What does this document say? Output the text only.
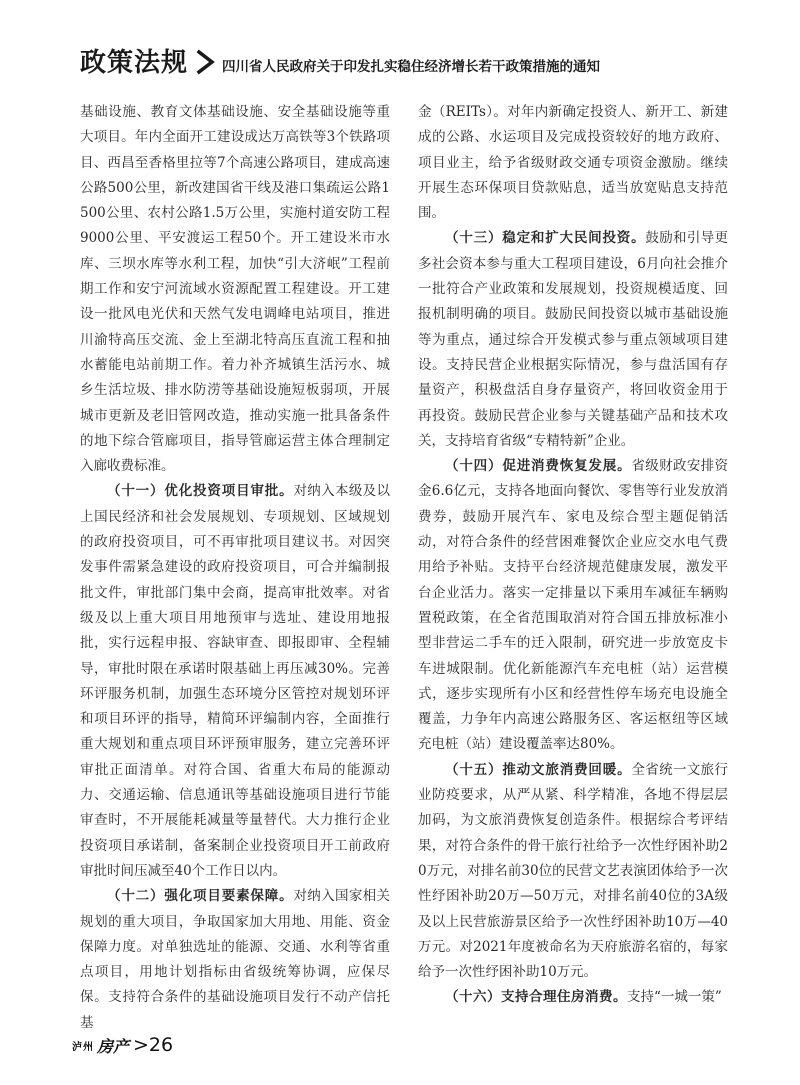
政策法规	四川省人民政府关于印发扎实稳住经济增长若干政策措施的通知

基础设施、教育文体基础设施、安全基础设施等重大项目。年内全面开工建设成达万高铁等3个铁路项目、西昌至香格里拉等7个高速公路项目，建成高速公路500公里，新改建国省干线及港口集疏运公路1500公里、农村公路1.5万公里，实施村道安防工程9000公里、平安渡运工程50个。开工建设米市水库、三坝水库等水利工程，加快“引大济岷”工程前期工作和安宁河流域水资源配置工程建设。开工建设一批风电光伏和天然气发电调峰电站项目，推进川渝特高压交流、金上至湖北特高压直流工程和抽水蓄能电站前期工作。着力补齐城镇生活污水、城乡生活垃圾、排水防涝等基础设施短板弱项，开展城市更新及老旧管网改造，推动实施一批具备条件的地下综合管廊项目，指导管廊运营主体合理制定入廊收费标准。

（十一）优化投资项目审批。对纳入本级及以上国民经济和社会发展规划、专项规划、区域规划的政府投资项目，可不再审批项目建议书。对因突发事件需紧急建设的政府投资项目，可合并编制报批文件，审批部门集中会商，提高审批效率。对省级及以上重大项目用地预审与选址、建设用地报批，实行远程申报、容缺审查、即报即审、全程辅导，审批时限在承诺时限基础上再压减30%。完善环评服务机制，加强生态环境分区管控对规划环评和项目环评的指导，精简环评编制内容，全面推行重大规划和重点项目环评预审服务，建立完善环评审批正面清单。对符合国、省重大布局的能源动力、交通运输、信息通讯等基础设施项目进行节能审查时，不开展能耗减量等量替代。大力推行企业投资项目承诺制，备案制企业投资项目开工前政府审批时间压减至40个工作日以内。

（十二）强化项目要素保障。对纳入国家相关规划的重大项目，争取国家加大用地、用能、资金保障力度。对单独选址的能源、交通、水利等省重点项目，用地计划指标由省级统筹协调，应保尽保。支持符合条件的基础设施项目发行不动产信托基

金（REITs）。对年内新确定投资人、新开工、新建成的公路、水运项目及完成投资较好的地方政府、项目业主，给予省级财政交通专项资金激励。继续开展生态环保项目贷款贴息，适当放宽贴息支持范围。

（十三）稳定和扩大民间投资。鼓励和引导更多社会资本参与重大工程项目建设，6月向社会推介一批符合产业政策和发展规划，投资规模适度、回报机制明确的项目。鼓励民间投资以城市基础设施等为重点，通过综合开发模式参与重点领域项目建设。支持民营企业根据实际情况，参与盘活国有存量资产，积极盘活自身存量资产，将回收资金用于再投资。鼓励民营企业参与关键基础产品和技术攻关，支持培育省级“专精特新”企业。

（十四）促进消费恢复发展。省级财政安排资金6.6亿元，支持各地面向餐饮、零售等行业发放消费券，鼓励开展汽车、家电及综合型主题促销活动，对符合条件的经营困难餐饮企业应交水电气费用给予补贴。支持平台经济规范健康发展，激发平台企业活力。落实一定排量以下乘用车减征车辆购置税政策，在全省范围取消对符合国五排放标准小型非营运二手车的迁入限制，研究进一步放宽皮卡车进城限制。优化新能源汽车充电桩（站）运营模式，逐步实现所有小区和经营性停车场充电设施全覆盖，力争年内高速公路服务区、客运枢纽等区域充电桩（站）建设覆盖率达80%。

（十五）推动文旅消费回暖。全省统一文旅行业防疫要求，从严从紧、科学精准，各地不得层层加码，为文旅消费恢复创造条件。根据综合考评结果，对符合条件的骨干旅行社给予一次性纾困补助20万元，对排名前30位的民营文艺表演团体给予一次性纾困补助20万—50万元，对排名前40位的3A级及以上民营旅游景区给予一次性纾困补助10万—40万元。对2021年度被命名为天府旅游名宿的，每家给予一次性纾困补助10万元。

（十六）支持合理住房消费。支持“一城一策”

泸州 房产 >26
